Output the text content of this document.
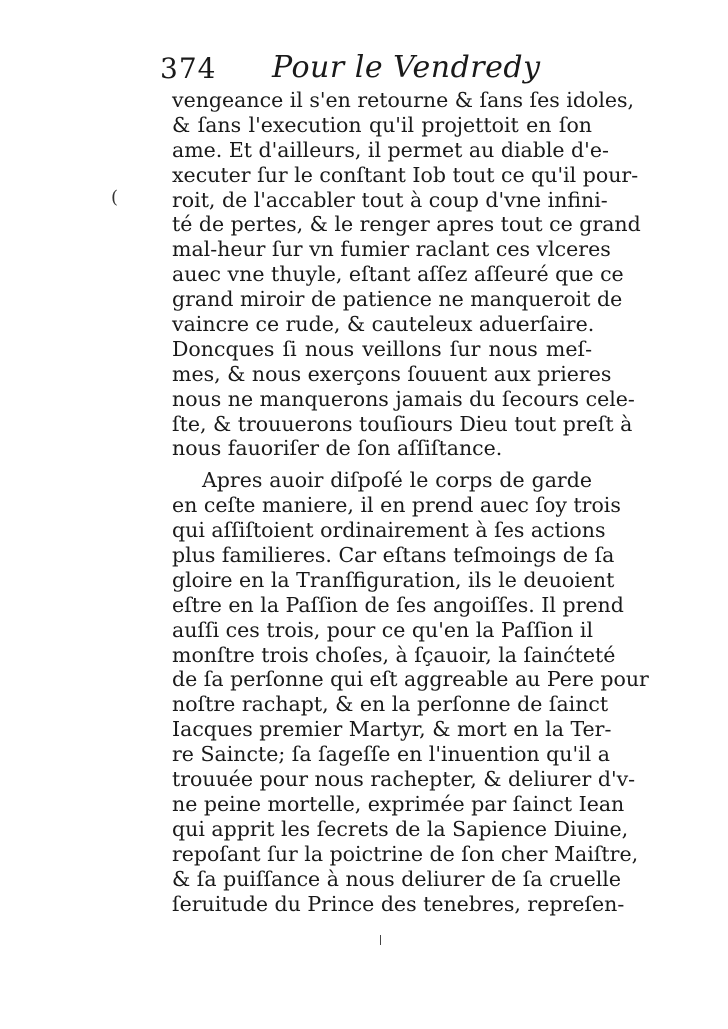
374 Pour le Vendredy
(
vengeance il s'en retourne & ſans ſes idoles,
& ſans l'execution qu'il projettoit en ſon
ame. Et d'ailleurs, il permet au diable d'e-
xecuter ſur le conſtant Iob tout ce qu'il pour-
roit, de l'accabler tout à coup d'vne infini-
té de pertes, & le renger apres tout ce grand
mal-heur ſur vn fumier raclant ces vlceres
auec vne thuyle, eſtant aſſez aſſeuré que ce
grand miroir de patience ne manqueroit de
vaincre ce rude, & cauteleux aduerſaire.
Doncques ſi nous veillons ſur nous meſ-
mes, & nous exerçons ſouuent aux prieres
nous ne manquerons jamais du ſecours cele-
ſte, & trouuerons touſiours Dieu tout preſt à
nous fauoriſer de ſon aſſiſtance.
Apres auoir diſpoſé le corps de garde
en ceſte maniere, il en prend auec ſoy trois
qui aſſiſtoient ordinairement à ſes actions
plus familieres. Car eſtans teſmoings de ſa
gloire en la Tranſfiguration, ils le deuoient
eſtre en la Paſſion de ſes angoiſſes. Il prend
auſſi ces trois, pour ce qu'en la Paſſion il
monſtre trois choſes, à ſçauoir, la ſainćteté
de ſa perſonne qui eſt aggreable au Pere pour
noſtre rachapt, & en la perſonne de ſainct
Iacques premier Martyr, & mort en la Ter-
re Saincte; ſa ſageſſe en l'inuention qu'il a
trouuée pour nous rachepter, & deliurer d'v-
ne peine mortelle, exprimée par ſainct Iean
qui apprit les ſecrets de la Sapience Diuine,
repoſant ſur la poictrine de ſon cher Maiſtre,
& ſa puiſſance à nous deliurer de ſa cruelle
ſeruitude du Prince des tenebres, repreſen-
